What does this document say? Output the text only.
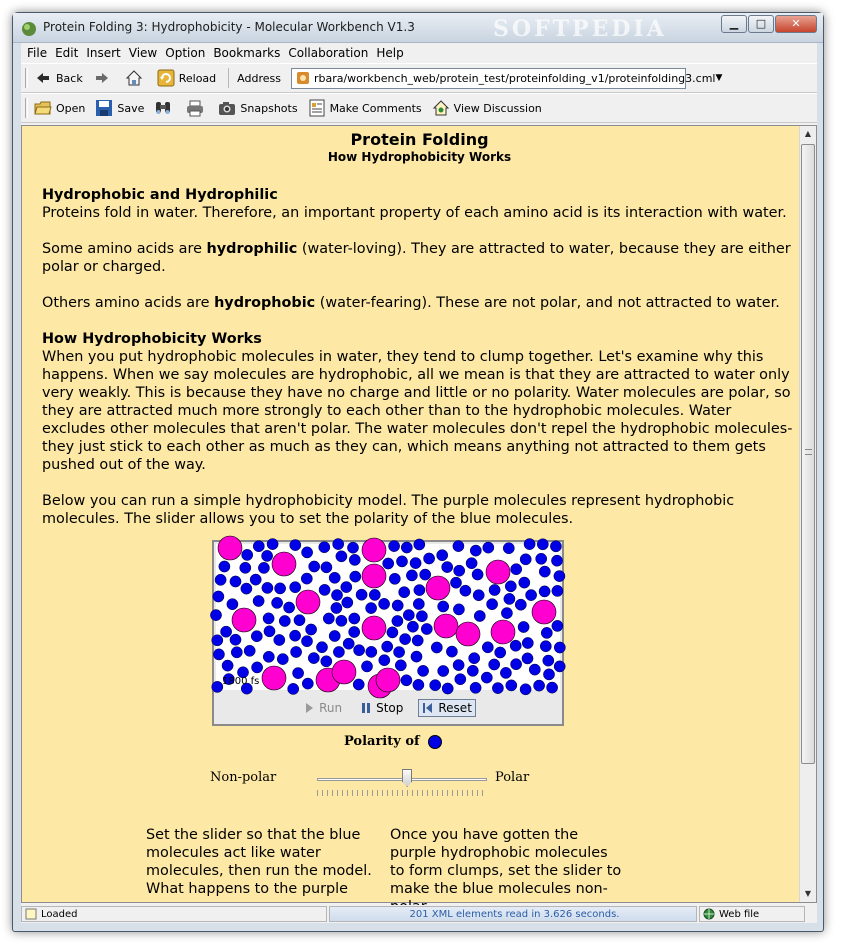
Protein Folding 3: Hydrophobicity - Molecular Workbench V1.3	SOFTPEDIA	▁	□	✕
File Edit Insert View Option Bookmarks Collaboration Help
Back	Reload Address	rbara/workbench_web/protein_test/proteinfolding_v1/proteinfolding3.cml ▼
Open	Save	Snapshots	Make Comments	View Discussion
Protein Folding
How Hydrophobicity Works
Hydrophobic and Hydrophilic
Proteins fold in water. Therefore, an important property of each amino acid is its interaction with water.
Some amino acids are hydrophilic (water-loving). They are attracted to water, because they are either polar or charged.
Others amino acids are hydrophobic (water-fearing). These are not polar, and not attracted to water.
How Hydrophobicity Works
When you put hydrophobic molecules in water, they tend to clump together. Let's examine why this happens. When we say molecules are hydrophobic, all we mean is that they are attracted to water only very weakly. This is because they have no charge and little or no polarity. Water molecules are polar, so they are attracted much more strongly to each other than to the hydrophobic molecules. Water excludes other molecules that aren't polar. The water molecules don't repel the hydrophobic molecules- they just stick to each other as much as they can, which means anything not attracted to them gets pushed out of the way.
Below you can run a simple hydrophobicity model. The purple molecules represent hydrophobic molecules. The slider allows you to set the polarity of the blue molecules.
1800 fs
Run	Stop	Reset
Polarity of
Non-polar	Polar
Set the slider so that the blue molecules act like water molecules, then run the model. What happens to the purple
Once you have gotten the purple hydrophobic molecules to form clumps, set the slider to make the blue molecules non-
▲
▼
Loaded	201 XML elements read in 3.626 seconds.	Web file
